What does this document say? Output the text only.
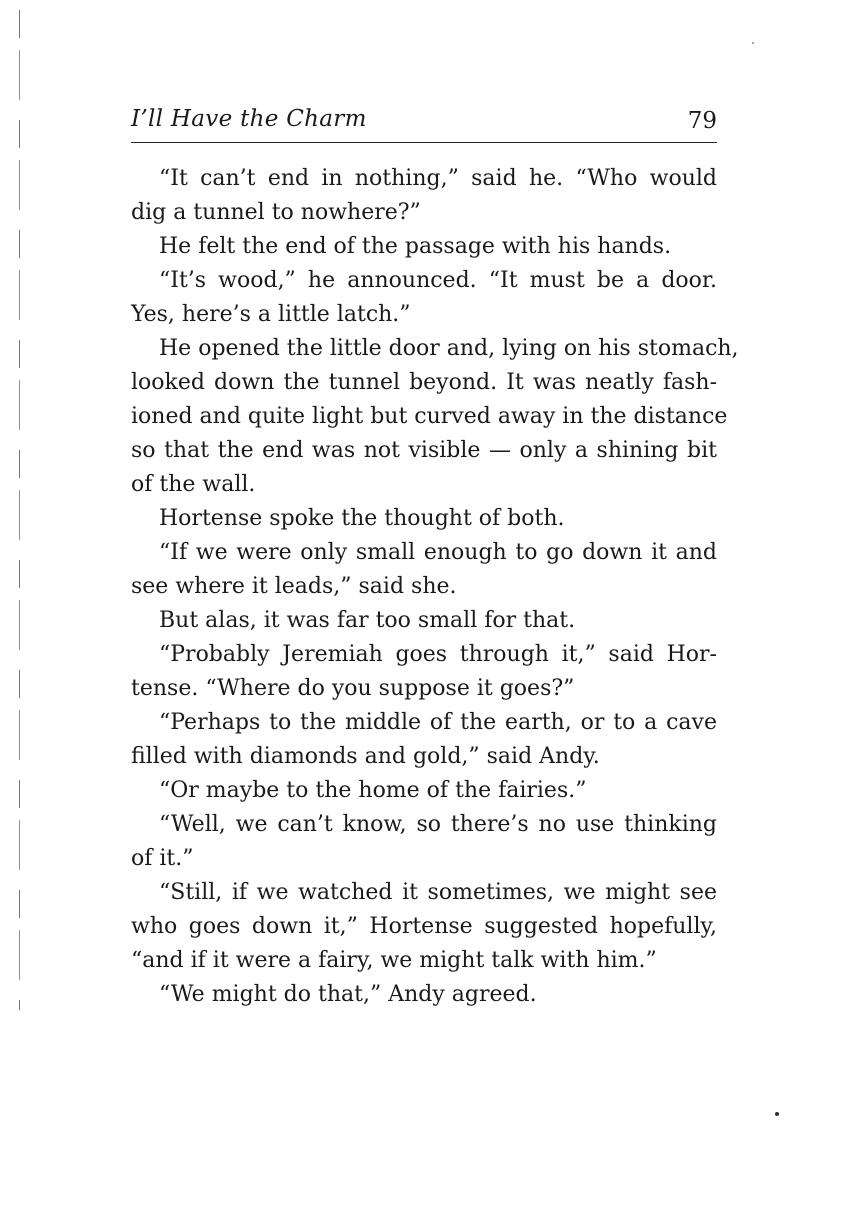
I’ll Have the Charm	79
“It can’t end in nothing,” said he. “Who would
dig a tunnel to nowhere?”
He felt the end of the passage with his hands.
“It’s wood,” he announced. “It must be a door.
Yes, here’s a little latch.”
He opened the little door and, lying on his stomach,
looked down the tunnel beyond. It was neatly fash-
ioned and quite light but curved away in the distance
so that the end was not visible — only a shining bit
of the wall.
Hortense spoke the thought of both.
“If we were only small enough to go down it and
see where it leads,” said she.
But alas, it was far too small for that.
“Probably Jeremiah goes through it,” said Hor-
tense. “Where do you suppose it goes?”
“Perhaps to the middle of the earth, or to a cave
filled with diamonds and gold,” said Andy.
“Or maybe to the home of the fairies.”
“Well, we can’t know, so there’s no use thinking
of it.”
“Still, if we watched it sometimes, we might see
who goes down it,” Hortense suggested hopefully,
“and if it were a fairy, we might talk with him.”
“We might do that,” Andy agreed.
